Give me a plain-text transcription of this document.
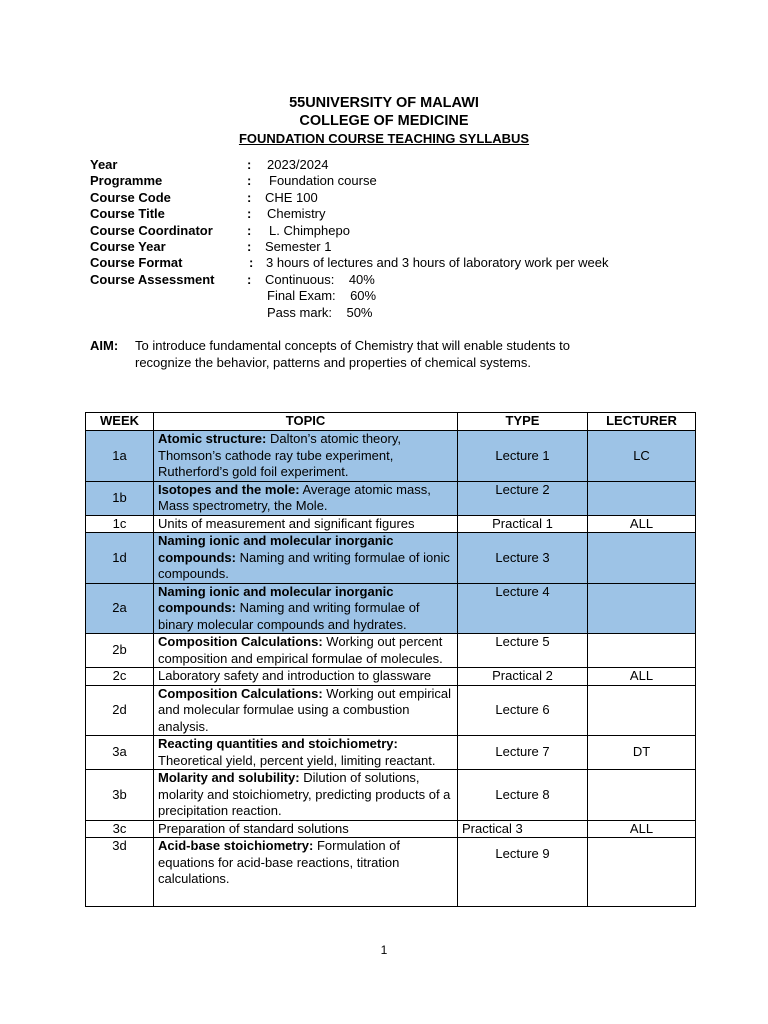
55UNIVERSITY OF MALAWI
COLLEGE OF MEDICINE
FOUNDATION COURSE TEACHING SYLLABUS
Year	: 2023/2024
Programme	: Foundation course
Course Code	: CHE 100
Course Title	: Chemistry
Course Coordinator	: L. Chimphepo
Course Year	: Semester 1
Course Format	: 3 hours of lectures and 3 hours of laboratory work per week
Course Assessment : Continuous:    40%
Final Exam:    60%
Pass mark:    50%
AIM: To introduce fundamental concepts of Chemistry that will enable students to recognize the behavior, patterns and properties of chemical systems.
WEEK	TOPIC	TYPE	LECTURER
1a	Atomic structure: Dalton’s atomic theory, Thomson’s cathode ray tube experiment, Rutherford’s gold foil experiment.	Lecture 1	LC
1b	Isotopes and the mole: Average atomic mass, Mass spectrometry, the Mole.	Lecture 2	
1c	Units of measurement and significant figures	Practical 1	ALL
1d	Naming ionic and molecular inorganic compounds: Naming and writing formulae of ionic compounds.	Lecture 3	
2a	Naming ionic and molecular inorganic compounds: Naming and writing formulae of binary molecular compounds and hydrates.	Lecture 4	
2b	Composition Calculations: Working out percent composition and empirical formulae of molecules.	Lecture 5	
2c	Laboratory safety and introduction to glassware	Practical 2	ALL
2d	Composition Calculations: Working out empirical and molecular formulae using a combustion analysis.	Lecture 6	
3a	Reacting quantities and stoichiometry: Theoretical yield, percent yield, limiting reactant.	Lecture 7	DT
3b	Molarity and solubility: Dilution of solutions, molarity and stoichiometry, predicting products of a precipitation reaction.	Lecture 8	
3c	Preparation of standard solutions	Practical 3	ALL
3d	Acid-base stoichiometry: Formulation of equations for acid-base reactions, titration calculations.	Lecture 9	
1
